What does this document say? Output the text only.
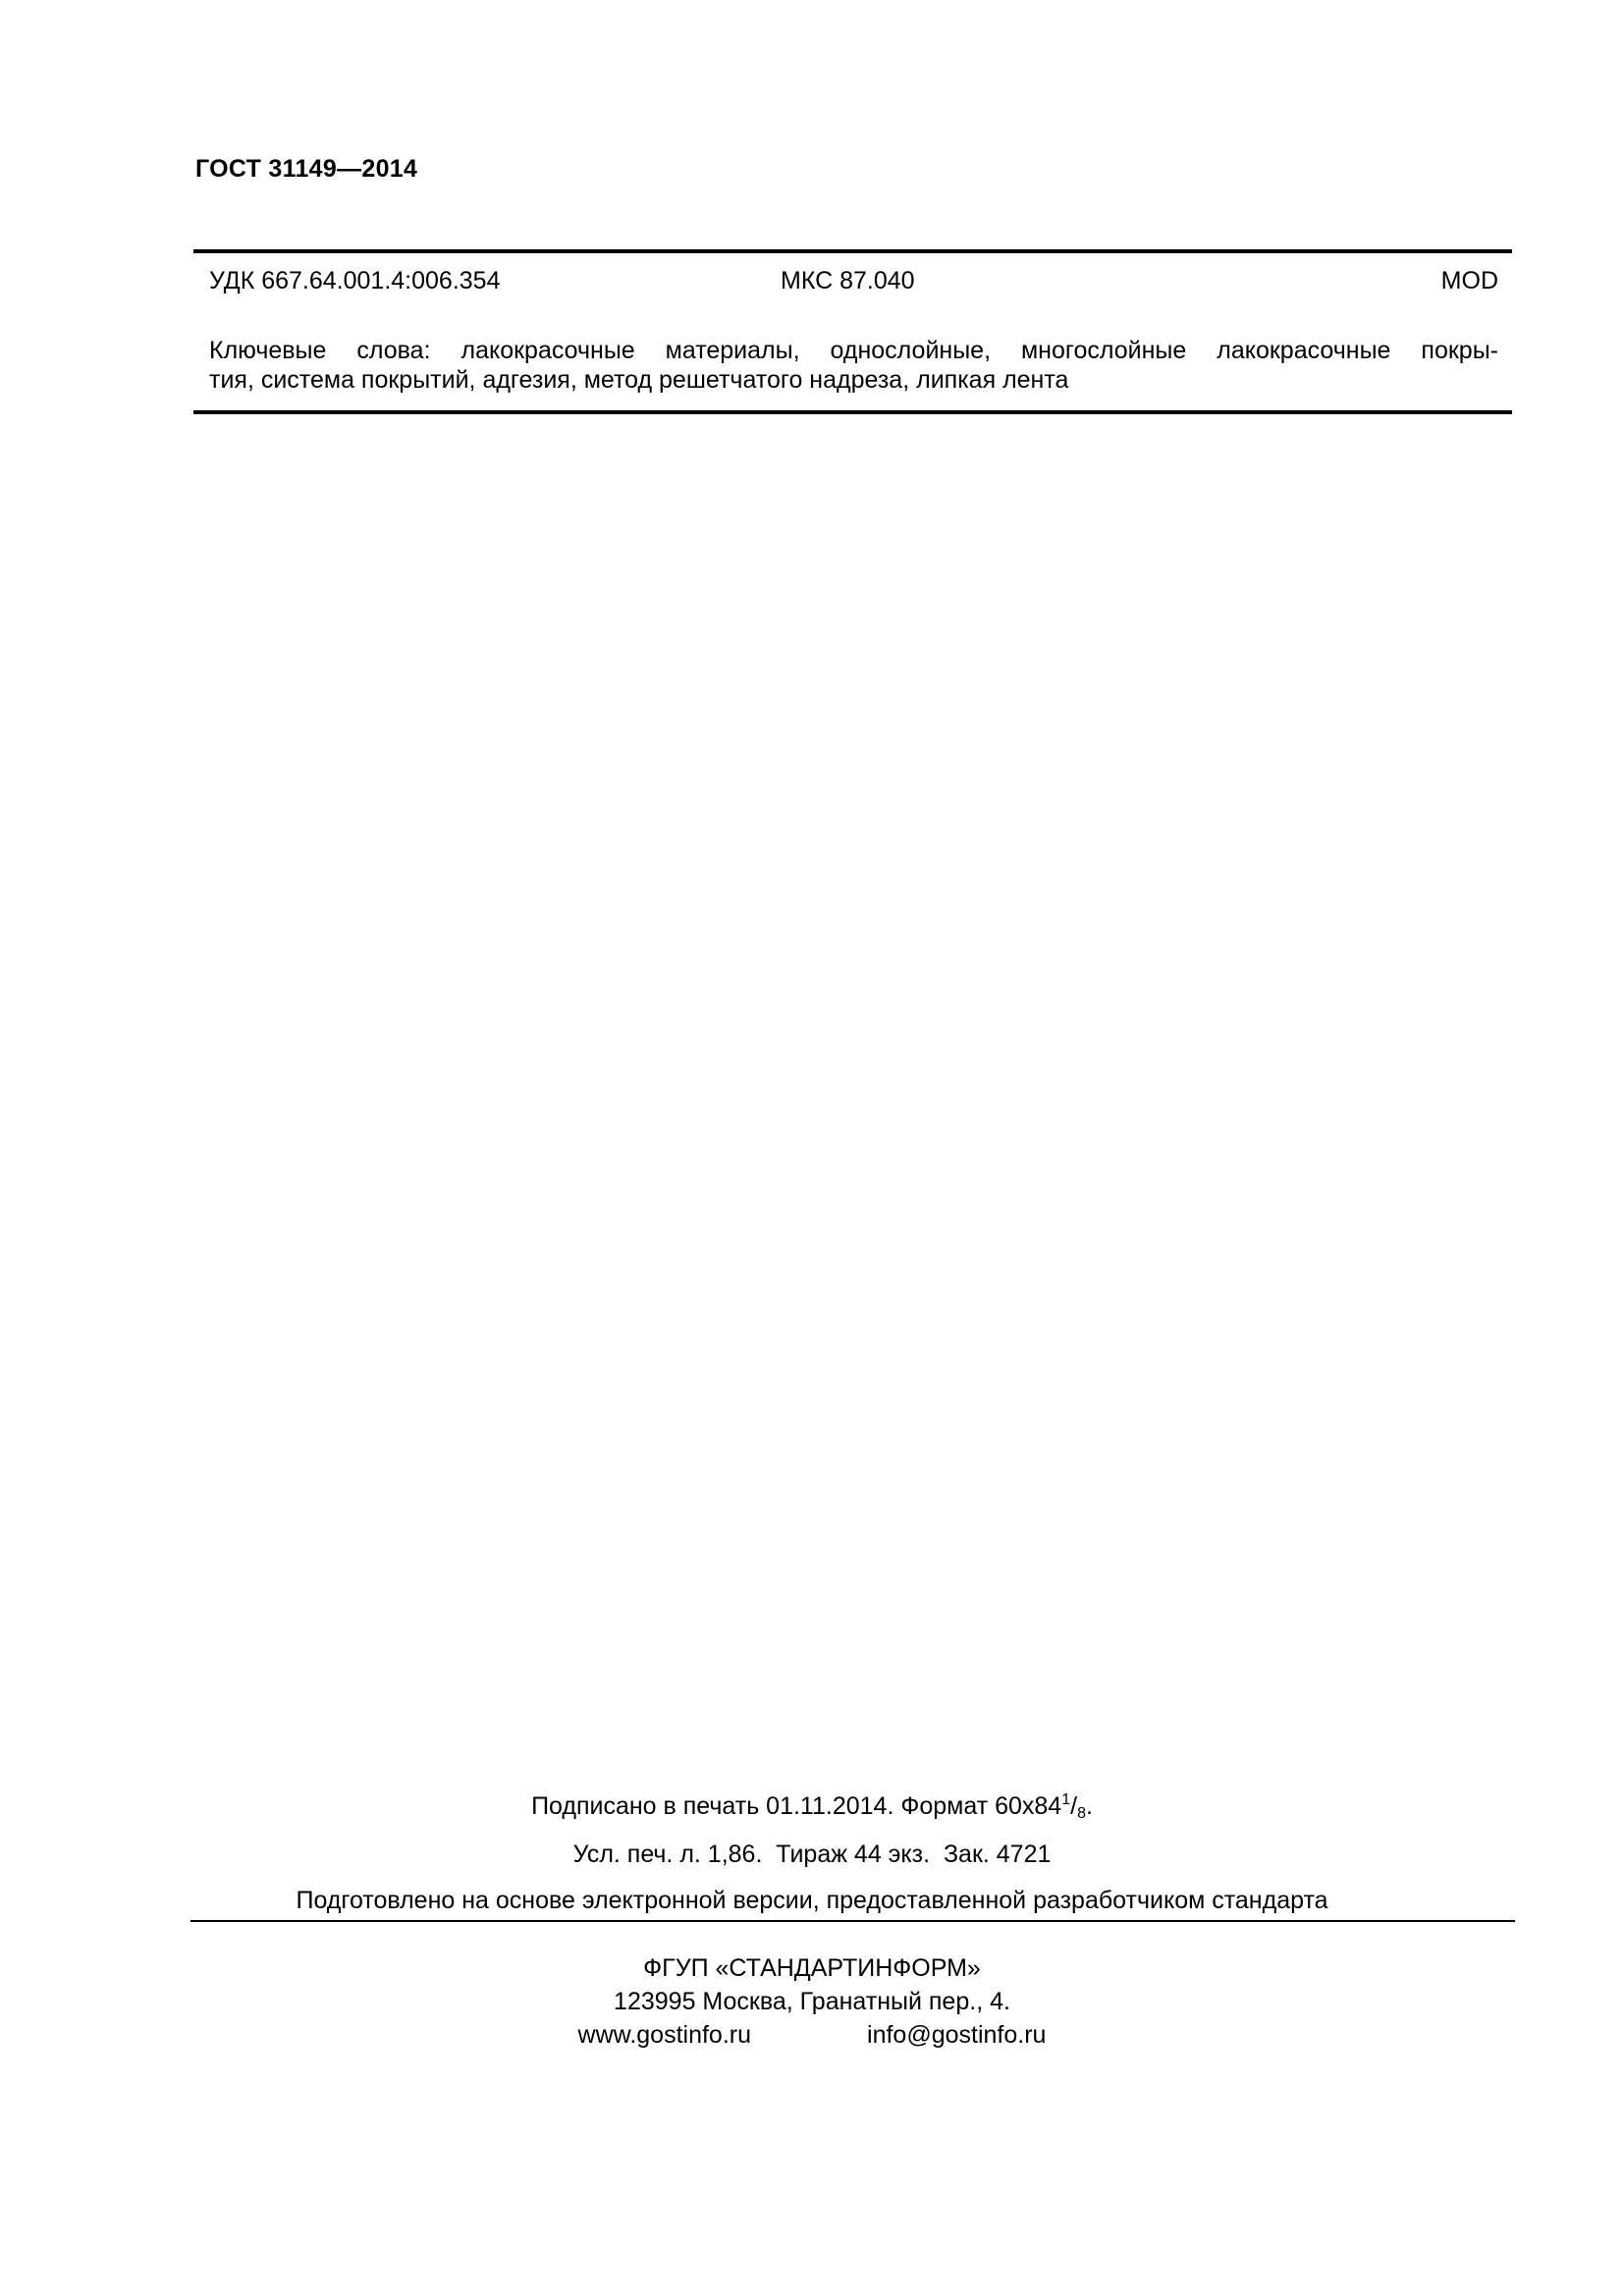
ГОСТ 31149—2014
УДК 667.64.001.4:006.354	МКС 87.040	MOD
Ключевые слова: лакокрасочные материалы, однослойные, многослойные лакокрасочные покры-
тия, система покрытий, адгезия, метод решетчатого надреза, липкая лента
Подписано в печать 01.11.2014. Формат $60х84^1/_8$.
Усл. печ. л. 1,86.  Тираж 44 экз.  Зак. 4721
Подготовлено на основе электронной версии, предоставленной разработчиком стандарта
ФГУП «СТАНДАРТИНФОРМ»
123995 Москва, Гранатный пер., 4.
www.gostinfo.ru	info@gostinfo.ru
